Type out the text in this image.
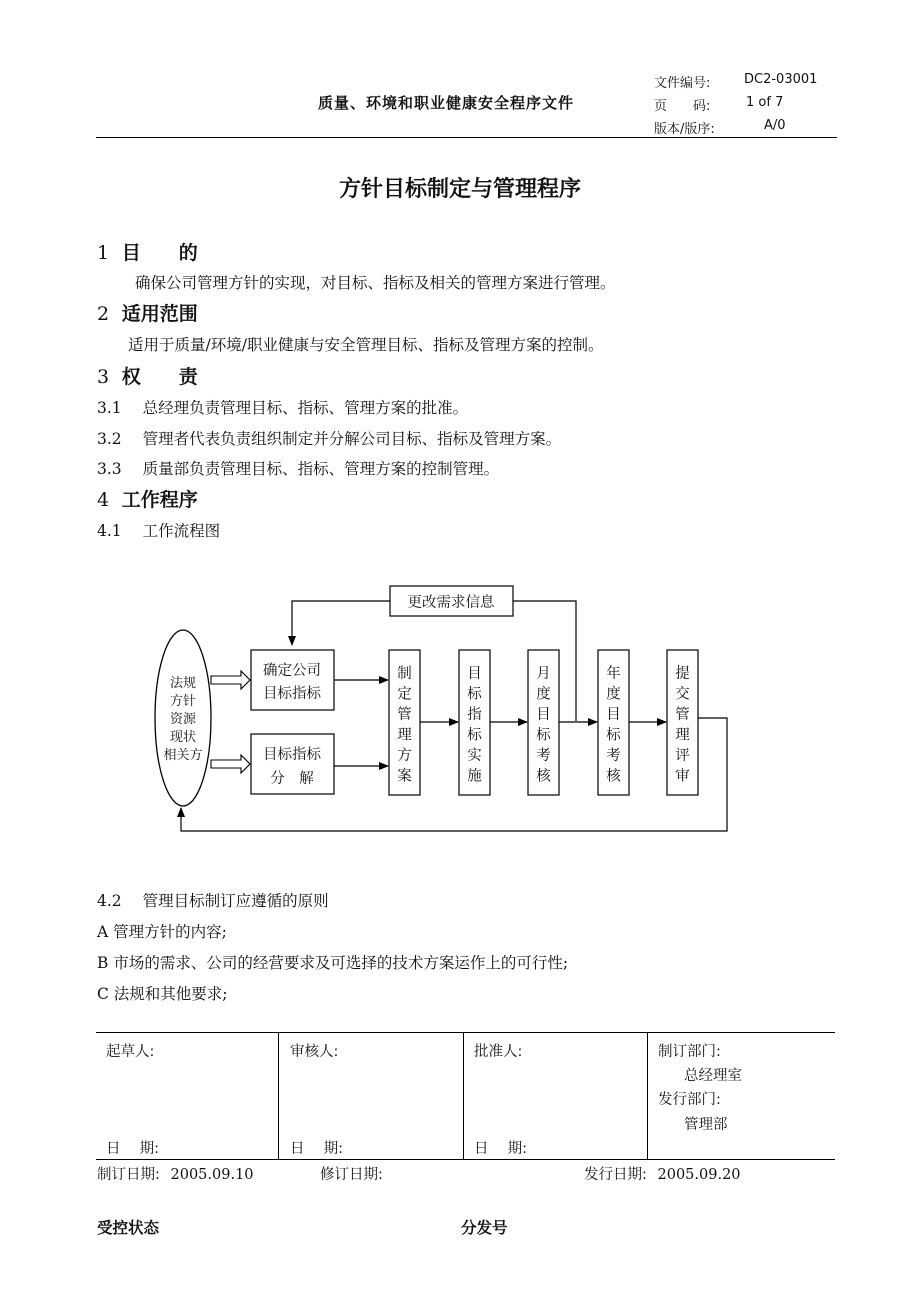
质量、环境和职业健康安全程序文件
文件编号:	DC2-03001
页　　码:	1 of 7
版本/版序:	A/0
方针目标制定与管理程序
1 目　　的
确保公司管理方针的实现，对目标、指标及相关的管理方案进行管理。
2 适用范围
适用于质量/环境/职业健康与安全管理目标、指标及管理方案的控制。
3 权　　责
3.1 总经理负责管理目标、指标、管理方案的批准。
3.2 管理者代表负责组织制定并分解公司目标、指标及管理方案。
3.3 质量部负责管理目标、指标、管理方案的控制管理。
4 工作程序
4.1 工作流程图
更改需求信息
法规
方针
资源
现状
相关方
确定公司
目标指标
目标指标
分　解
制
定
管
理
方
案
目
标
指
标
实
施
月
度
目
标
考
核
年
度
目
标
考
核
提
交
管
理
评
审
4.2 管理目标制订应遵循的原则
A 管理方针的内容;
B 市场的需求、公司的经营要求及可选择的技术方案运作上的可行性;
C 法规和其他要求;
起草人:	审核人:	批准人:
日　 期:	日　 期:	日　 期:
制订部门:
总经理室
发行部门:
管理部
制订日期: 2005.09.10	修订日期:	发行日期: 2005.09.20
受控状态	分发号
